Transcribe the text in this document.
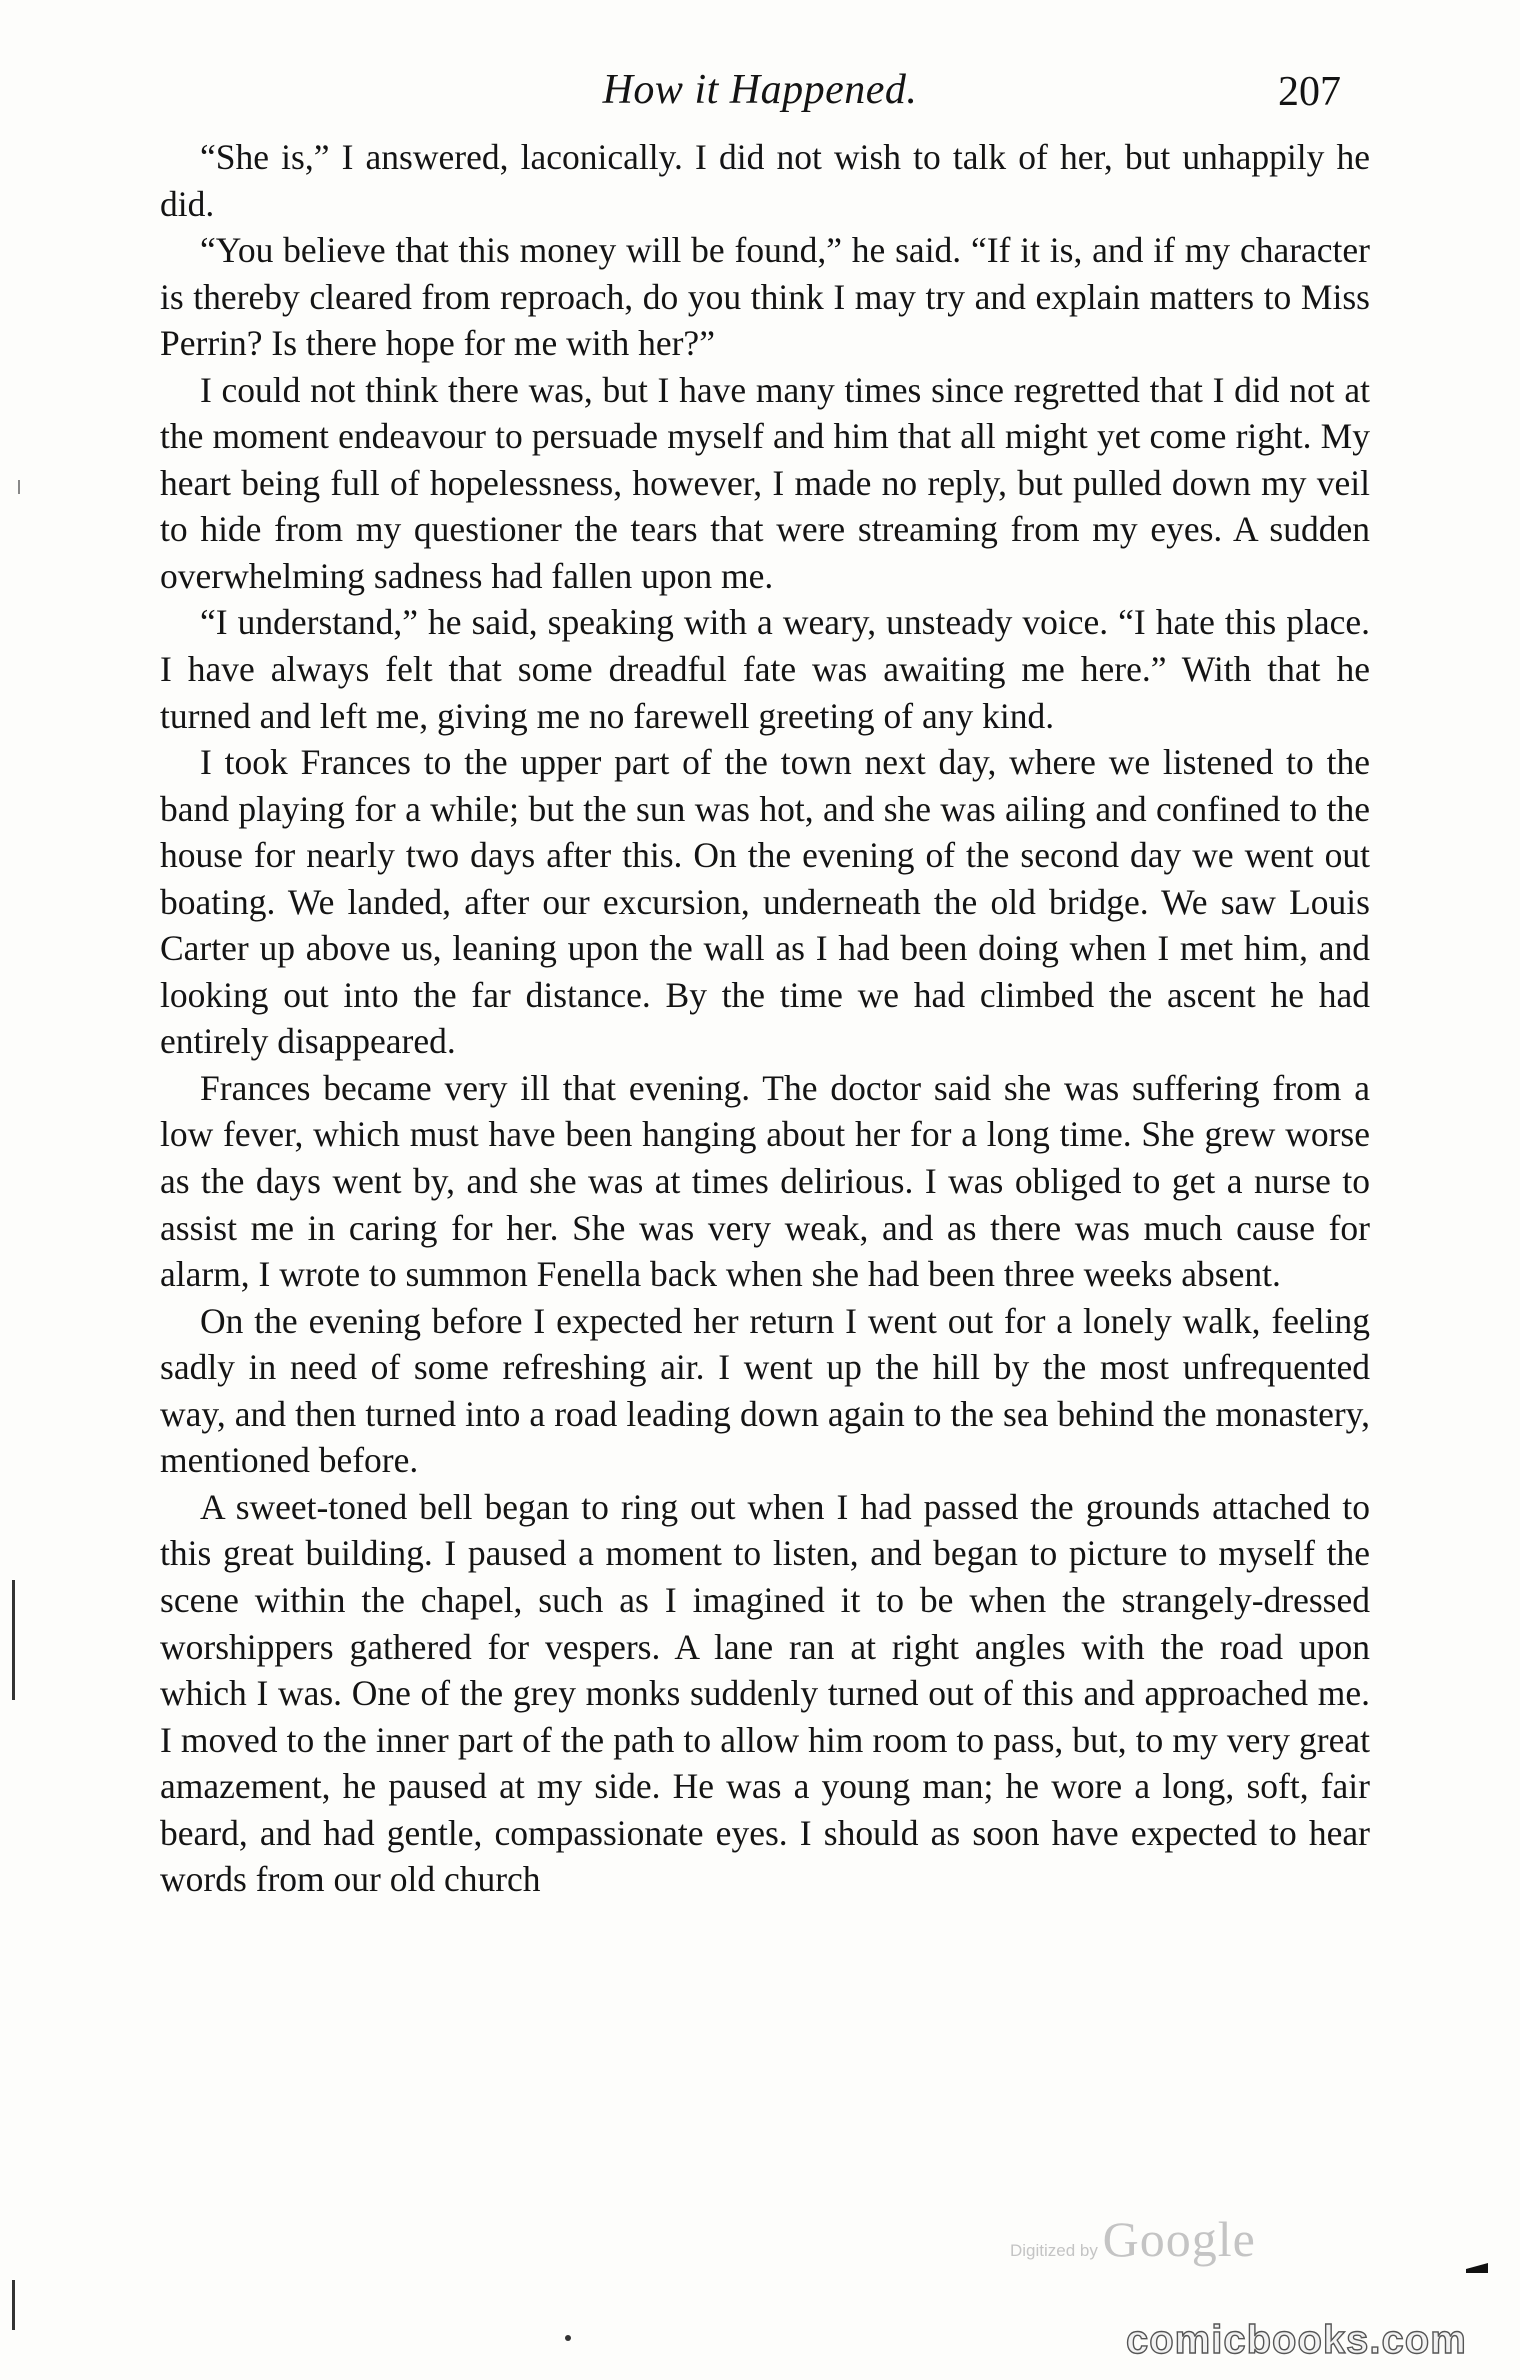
How it Happened.	207

“She is,” I answered, laconically. I did not wish to talk of her, but unhappily he did.

“You believe that this money will be found,” he said. “If it is, and if my character is thereby cleared from reproach, do you think I may try and explain matters to Miss Perrin? Is there hope for me with her?”

I could not think there was, but I have many times since regretted that I did not at the moment endeavour to persuade myself and him that all might yet come right. My heart being full of hopelessness, however, I made no reply, but pulled down my veil to hide from my questioner the tears that were streaming from my eyes. A sudden overwhelming sadness had fallen upon me.

“I understand,” he said, speaking with a weary, unsteady voice. “I hate this place. I have always felt that some dreadful fate was awaiting me here.” With that he turned and left me, giving me no farewell greeting of any kind.

I took Frances to the upper part of the town next day, where we listened to the band playing for a while; but the sun was hot, and she was ailing and confined to the house for nearly two days after this. On the evening of the second day we went out boating. We landed, after our excursion, underneath the old bridge. We saw Louis Carter up above us, leaning upon the wall as I had been doing when I met him, and looking out into the far distance. By the time we had climbed the ascent he had entirely disappeared.

Frances became very ill that evening. The doctor said she was suffering from a low fever, which must have been hanging about her for a long time. She grew worse as the days went by, and she was at times delirious. I was obliged to get a nurse to assist me in caring for her. She was very weak, and as there was much cause for alarm, I wrote to summon Fenella back when she had been three weeks absent.

On the evening before I expected her return I went out for a lonely walk, feeling sadly in need of some refreshing air. I went up the hill by the most unfrequented way, and then turned into a road leading down again to the sea behind the monastery, mentioned before.

A sweet-toned bell began to ring out when I had passed the grounds attached to this great building. I paused a moment to listen, and began to picture to myself the scene within the chapel, such as I imagined it to be when the strangely-dressed worshippers gathered for vespers. A lane ran at right angles with the road upon which I was. One of the grey monks suddenly turned out of this and approached me. I moved to the inner part of the path to allow him room to pass, but, to my very great amazement, he paused at my side. He was a young man; he wore a long, soft, fair beard, and had gentle, compassionate eyes. I should as soon have expected to hear words from our old church

Digitized by Google
comicbooks.com
